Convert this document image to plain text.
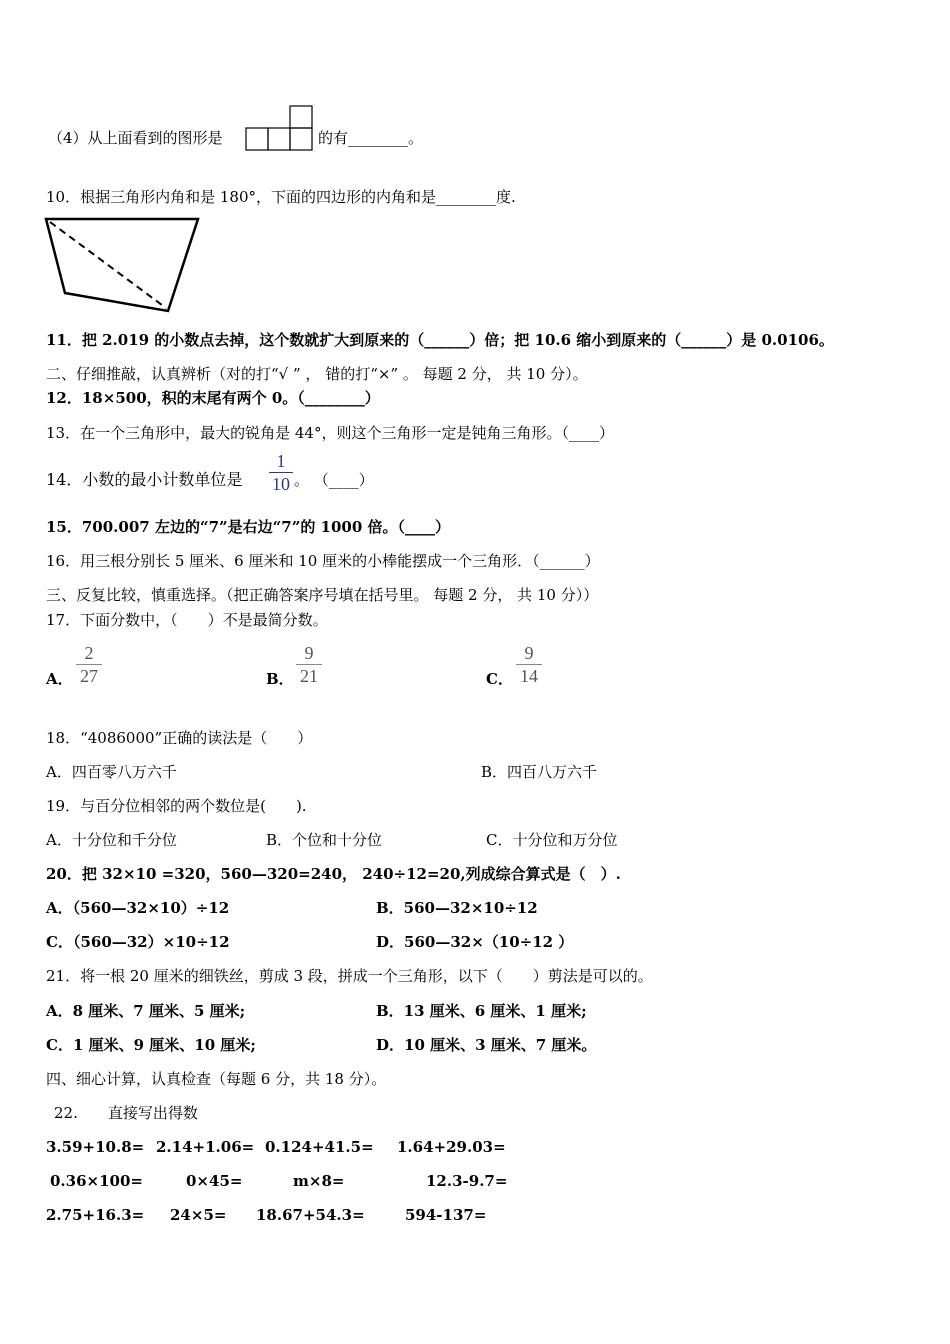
（4）从上面看到的图形是	的有________。
10．根据三角形内角和是 180°，下面的四边形的内角和是________度.
11．把 2.019 的小数点去掉，这个数就扩大到原来的（______）倍；把 10.6 缩小到原来的（______）是 0.0106。
二、仔细推敲，认真辨析（对的打“√ ” ， 错的打“×” 。 每题 2 分， 共 10 分）。
12．18×500，积的末尾有两个 0。（________）
13．在一个三角形中，最大的锐角是 44°，则这个三角形一定是钝角三角形。（____）
14．小数的最小计数单位是
1
10 。 （____）
15．700.007 左边的“7”是右边“7”的 1000 倍。（____）
16．用三根分别长 5 厘米、6 厘米和 10 厘米的小棒能摆成一个三角形．（______）
三、反复比较，慎重选择。（把正确答案序号填在括号里。 每题 2 分， 共 10 分））
17．下面分数中，（　　）不是最简分数。
A．
2
27	B．
9
21	C．
9
14
18．“4086000”正确的读法是（　　）
A．四百零八万六千	B．四百八万六千
19．与百分位相邻的两个数位是(　　).
A．十分位和千分位	B．个位和十分位	C．十分位和万分位
20．把 32×10 =320，560—320=240， 240÷12=20,列成综合算式是（　）.
A．（560—32×10）÷12	B．560—32×10÷12
C．（560—32）×10÷12	D．560—32×（10÷12 ）
21．将一根 20 厘米的细铁丝，剪成 3 段，拼成一个三角形，以下（　　）剪法是可以的。
A．8 厘米、7 厘米、5 厘米;	B．13 厘米、6 厘米、1 厘米;
C．1 厘米、9 厘米、10 厘米;	D．10 厘米、3 厘米、7 厘米。
四、细心计算，认真检查（每题 6 分，共 18 分）。
22.　　直接写出得数
3.59+10.8= 2.14+1.06= 0.124+41.5= 1.64+29.03=
0.36×100=	0×45=	m×8=	12.3-9.7=
2.75+16.3= 24×5= 18.67+54.3=	594-137=
